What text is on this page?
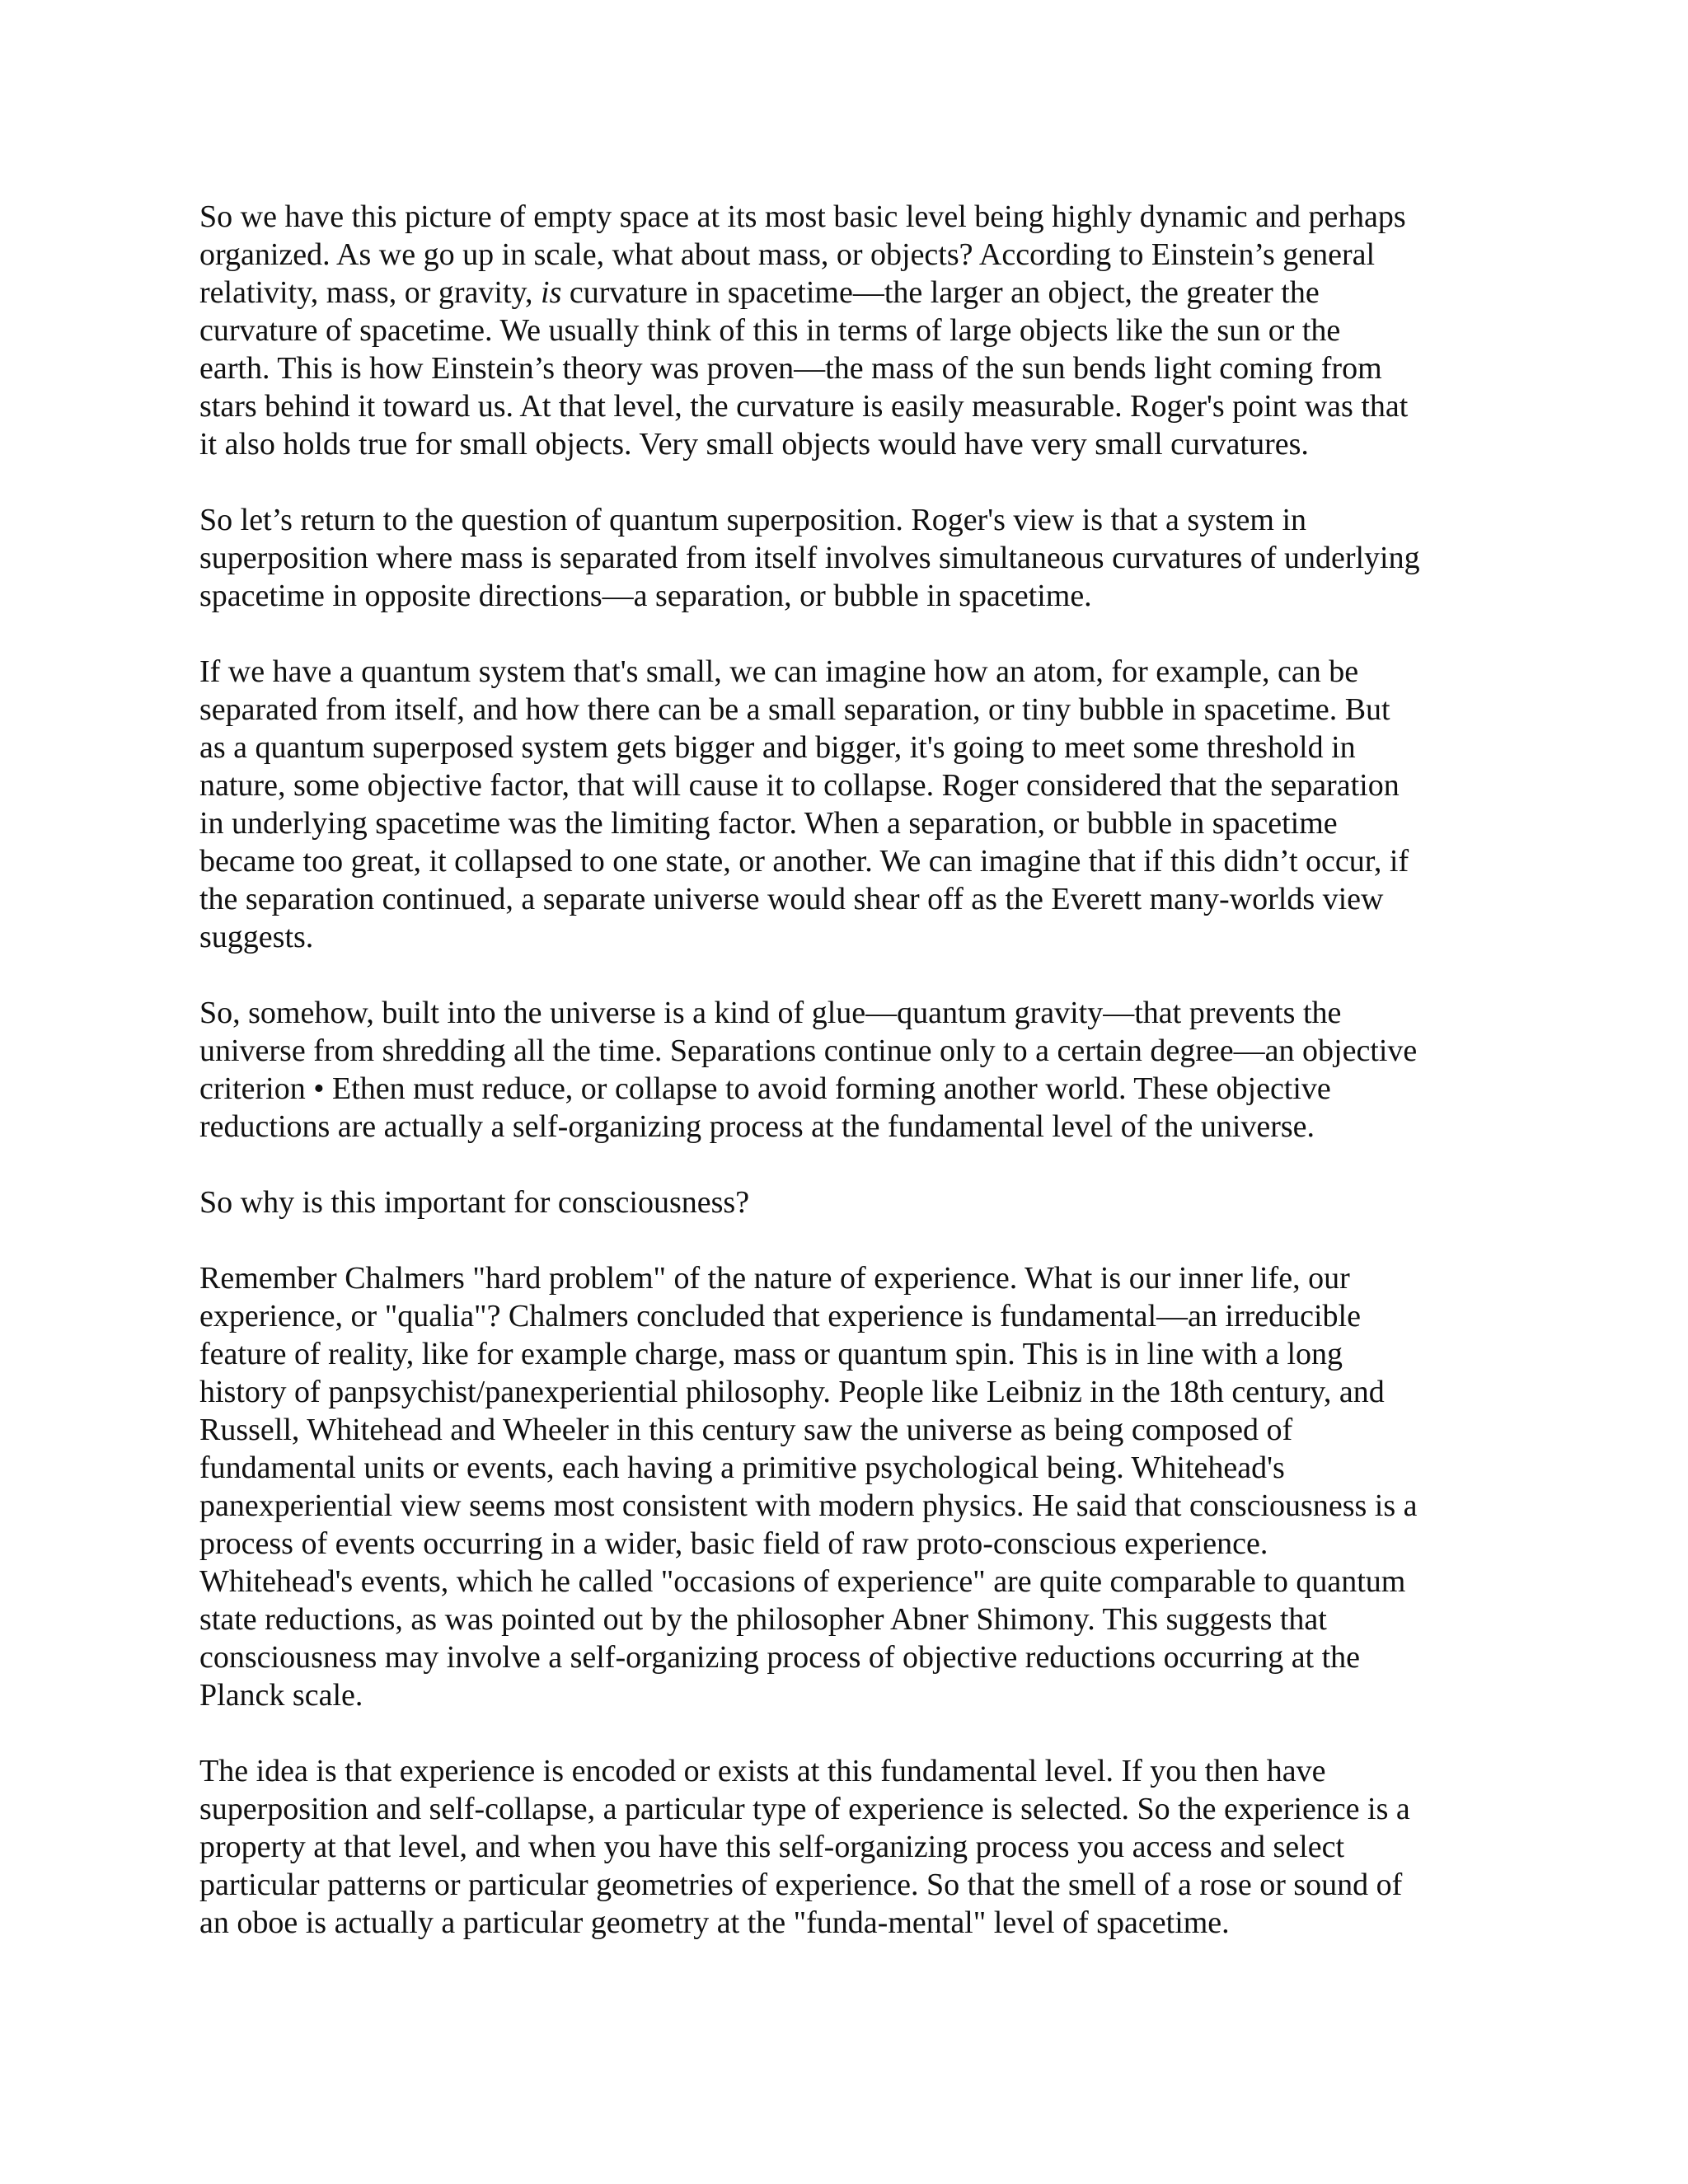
So we have this picture of empty space at its most basic level being highly dynamic and perhaps
organized. As we go up in scale, what about mass, or objects? According to Einstein’s general
relativity, mass, or gravity, is curvature in spacetime—the larger an object, the greater the
curvature of spacetime. We usually think of this in terms of large objects like the sun or the
earth. This is how Einstein’s theory was proven—the mass of the sun bends light coming from
stars behind it toward us. At that level, the curvature is easily measurable. Roger's point was that
it also holds true for small objects. Very small objects would have very small curvatures.

So let’s return to the question of quantum superposition. Roger's view is that a system in
superposition where mass is separated from itself involves simultaneous curvatures of underlying
spacetime in opposite directions—a separation, or bubble in spacetime.

If we have a quantum system that's small, we can imagine how an atom, for example, can be
separated from itself, and how there can be a small separation, or tiny bubble in spacetime. But
as a quantum superposed system gets bigger and bigger, it's going to meet some threshold in
nature, some objective factor, that will cause it to collapse. Roger considered that the separation
in underlying spacetime was the limiting factor. When a separation, or bubble in spacetime
became too great, it collapsed to one state, or another. We can imagine that if this didn’t occur, if
the separation continued, a separate universe would shear off as the Everett many-worlds view
suggests.

So, somehow, built into the universe is a kind of glue—quantum gravity—that prevents the
universe from shredding all the time. Separations continue only to a certain degree—an objective
criterion • Ethen must reduce, or collapse to avoid forming another world. These objective
reductions are actually a self-organizing process at the fundamental level of the universe.

So why is this important for consciousness?

Remember Chalmers "hard problem" of the nature of experience. What is our inner life, our
experience, or "qualia"? Chalmers concluded that experience is fundamental—an irreducible
feature of reality, like for example charge, mass or quantum spin. This is in line with a long
history of panpsychist/panexperiential philosophy. People like Leibniz in the 18th century, and
Russell, Whitehead and Wheeler in this century saw the universe as being composed of
fundamental units or events, each having a primitive psychological being. Whitehead's
panexperiential view seems most consistent with modern physics. He said that consciousness is a
process of events occurring in a wider, basic field of raw proto-conscious experience.
Whitehead's events, which he called "occasions of experience" are quite comparable to quantum
state reductions, as was pointed out by the philosopher Abner Shimony. This suggests that
consciousness may involve a self-organizing process of objective reductions occurring at the
Planck scale.

The idea is that experience is encoded or exists at this fundamental level. If you then have
superposition and self-collapse, a particular type of experience is selected. So the experience is a
property at that level, and when you have this self-organizing process you access and select
particular patterns or particular geometries of experience. So that the smell of a rose or sound of
an oboe is actually a particular geometry at the "funda-mental" level of spacetime.
